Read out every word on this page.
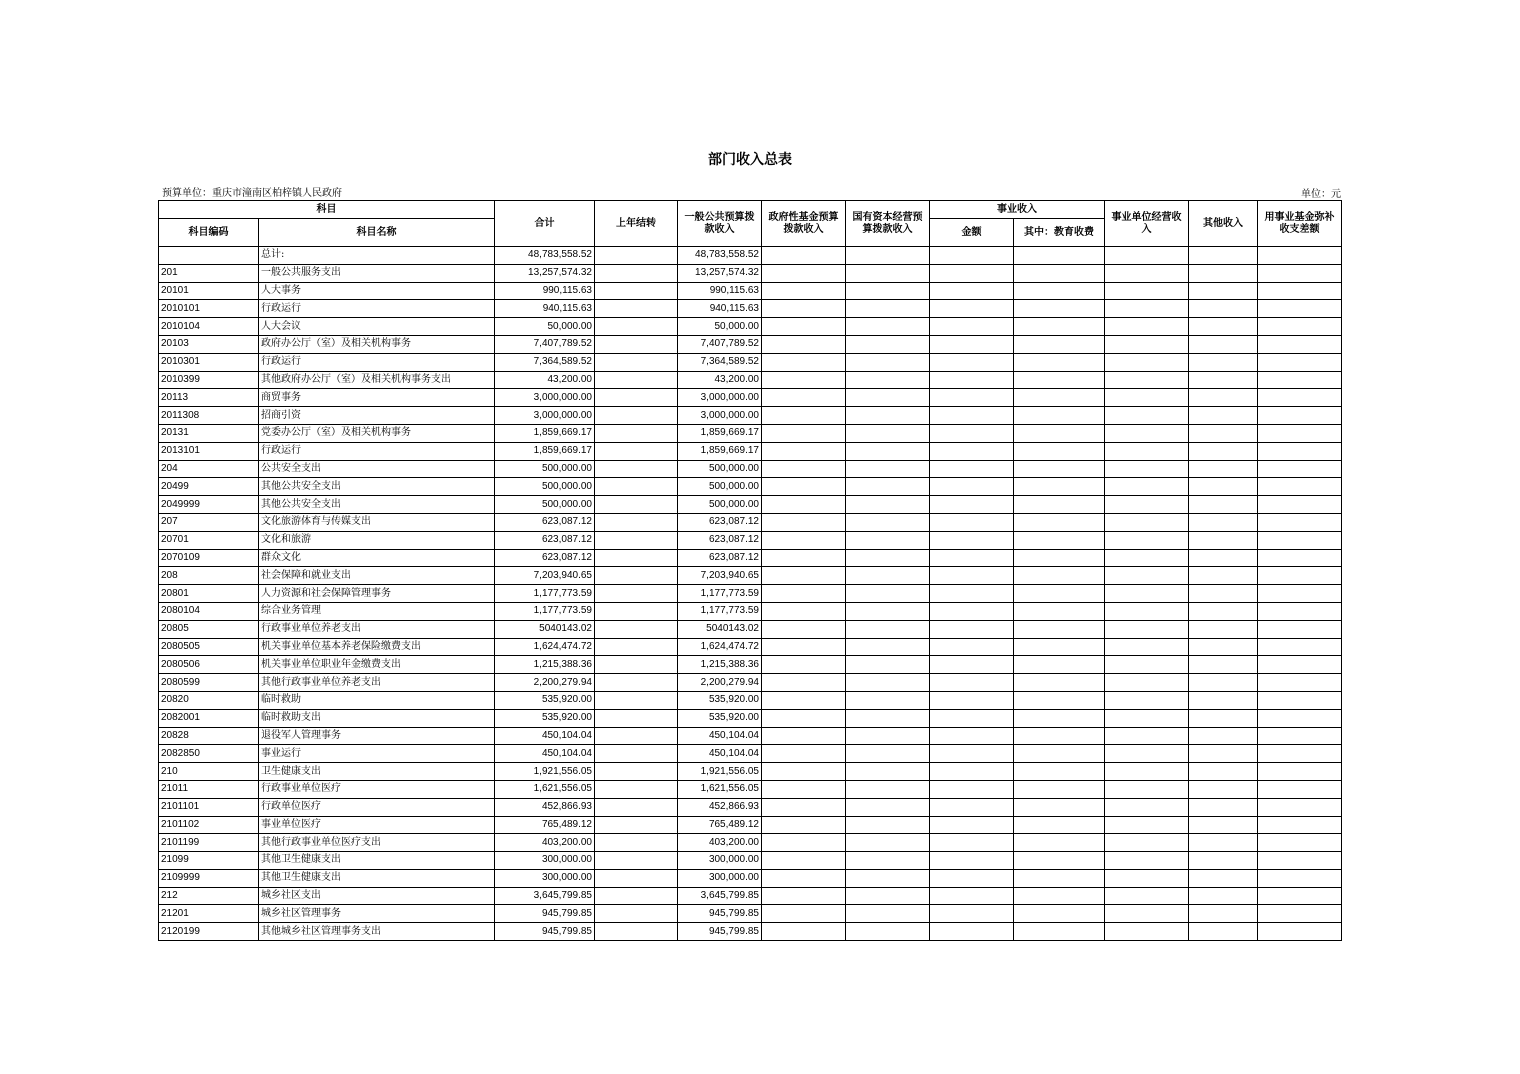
部门收入总表
预算单位：重庆市潼南区柏梓镇人民政府	单位：元
科目		合计	上年结转	一般公共预算拨款收入	政府性基金预算拨款收入	国有资本经营预算拨款收入	事业收入		事业单位经营收入	其他收入	用事业基金弥补收支差额
科目编码	科目名称						金额	其中：教育收费			
	总计:	48,783,558.52		48,783,558.52							
201	一般公共服务支出	13,257,574.32		13,257,574.32							
20101	人大事务	990,115.63		990,115.63							
2010101	行政运行	940,115.63		940,115.63							
2010104	人大会议	50,000.00		50,000.00							
20103	政府办公厅（室）及相关机构事务	7,407,789.52		7,407,789.52							
2010301	行政运行	7,364,589.52		7,364,589.52							
2010399	其他政府办公厅（室）及相关机构事务支出	43,200.00		43,200.00							
20113	商贸事务	3,000,000.00		3,000,000.00							
2011308	招商引资	3,000,000.00		3,000,000.00							
20131	党委办公厅（室）及相关机构事务	1,859,669.17		1,859,669.17							
2013101	行政运行	1,859,669.17		1,859,669.17							
204	公共安全支出	500,000.00		500,000.00							
20499	其他公共安全支出	500,000.00		500,000.00							
2049999	其他公共安全支出	500,000.00		500,000.00							
207	文化旅游体育与传媒支出	623,087.12		623,087.12							
20701	文化和旅游	623,087.12		623,087.12							
2070109	群众文化	623,087.12		623,087.12							
208	社会保障和就业支出	7,203,940.65		7,203,940.65							
20801	人力资源和社会保障管理事务	1,177,773.59		1,177,773.59							
2080104	综合业务管理	1,177,773.59		1,177,773.59							
20805	行政事业单位养老支出	5040143.02		5040143.02							
2080505	机关事业单位基本养老保险缴费支出	1,624,474.72		1,624,474.72							
2080506	机关事业单位职业年金缴费支出	1,215,388.36		1,215,388.36							
2080599	其他行政事业单位养老支出	2,200,279.94		2,200,279.94							
20820	临时救助	535,920.00		535,920.00							
2082001	临时救助支出	535,920.00		535,920.00							
20828	退役军人管理事务	450,104.04		450,104.04							
2082850	事业运行	450,104.04		450,104.04							
210	卫生健康支出	1,921,556.05		1,921,556.05							
21011	行政事业单位医疗	1,621,556.05		1,621,556.05							
2101101	行政单位医疗	452,866.93		452,866.93							
2101102	事业单位医疗	765,489.12		765,489.12							
2101199	其他行政事业单位医疗支出	403,200.00		403,200.00							
21099	其他卫生健康支出	300,000.00		300,000.00							
2109999	其他卫生健康支出	300,000.00		300,000.00							
212	城乡社区支出	3,645,799.85		3,645,799.85							
21201	城乡社区管理事务	945,799.85		945,799.85							
2120199	其他城乡社区管理事务支出	945,799.85		945,799.85							
